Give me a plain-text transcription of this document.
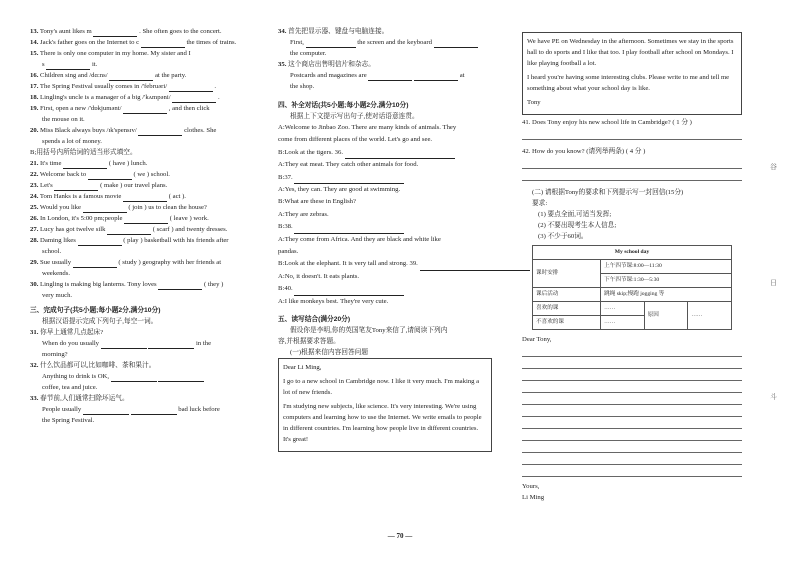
13. Tony's aunt likes m	. She often goes to the concert.
14. Jack's father goes on the Internet to c	the times of trains.
15. There is only one computer in my home. My sister and I
s	it.
16. Children sing and /dɑ:ns/	at the party.
17. The Spring Festival usually comes in /'februəri/	.
18. Lingling's uncle is a manager of a big /'kʌmpəni/	.
19. First, open a new /'dɒkjumənt/	, and then click
the mouse on it.
20. Miss Black always buys /ɪk'spensɪv/	clothes. She
spends a lot of money.
B;用括号内所给词的适当形式填空。
21. It's time	( have ) lunch.
22. Welcome back to	( we ) school.
23. Let's	( make ) our travel plans.
24. Tom Hanks is a famous movie	( act ).
25. Would you like	( join ) us to clean the house?
26. In London, it's 5:00 pm;people	( leave ) work.
27. Lucy has got twelve silk	( scarf ) and twenty dresses.
28. Daming likes	( play ) basketball with his friends after
school.
29. Sue usually	( study ) geography with her friends at
weekends.
30. Lingling is making big lanterns. Tony loves	( they )
very much.
三、完成句子(共5小题;每小题2分,满分10分)
根据汉语提示完成下列句子,每空一词。
31. 你早上通常几点起床?
When do you usually	in the
morning?
32. 什么饮品都可以,比如咖啡、茶和果汁。
Anything to drink is OK,
coffee, tea and juice.
33. 春节前,人们通常扫除坏运气。
People usually	bad luck before
the Spring Festival.
34. 首先把显示器、键盘与电脑连接。
First,	the screen and the keyboard
the computer.
35. 这个商店出售明信片和杂志。
Postcards and magazines are	at
the shop.
四、补全对话(共5小题;每小题2分,满分10分)
根据上下文提示写出句子,使对话语意连贯。
A:Welcome to Jinbao Zoo. There are many kinds of animals. They
come from different places of the world. Let's go and see.
B:Look at the tigers. 36.
A:They eat meat. They catch other animals for food.
B:37.
A:Yes, they can. They are good at swimming.
B:What are these in English?
A:They are zebras.
B:38.
A:They come from Africa. And they are black and white like
pandas.
B:Look at the elephant. It is very tall and strong. 39.
A:No, it doesn't. It eats plants.
B:40.
A:I like monkeys best. They're very cute.
五、读写结合(满分20分)
假设你是李明,你的英国笔友Tony来信了,请阅读下列内
容,并根据要求答题。
(一)根据来信内容回答问题

Dear Li Ming,

I go to a new school in Cambridge now. I like it very much. I'm making a lot of new friends.

I'm studying new subjects, like science. It's very interesting. We're using computers and learning how to use the Internet. We write emails to people in different countries. I'm learning how people live in different countries. It's great!

We have PE on Wednesday in the afternoon. Sometimes we stay in the sports hall to do sports and I like that too. I play football after school on Mondays. I like playing football a lot.

I heard you're having some interesting clubs. Please write to me and tell me something about what your school day is like.

Tony

41. Does Tony enjoy his new school life in Cambridge? ( 1 分 )
42. How do you know? (请列举两条) ( 4 分 )
(二) 请根据Tony的要求和下列提示写一封回信(15分)
要求:
(1) 要点全面,可适当发挥;
(2) 不要出现考生本人信息;
(3) 不少于60词。
My school day			
课时安排	上午四节课:8:00—11:30		
	下午四节课:1:30—5:30		
课后活动	跳绳 skip;慢跑 jogging 等		
喜欢的课	……	原因	……
不喜欢的课	……		
Dear Tony,
Yours,
Li Ming
谷
日
斗
— 70 —
